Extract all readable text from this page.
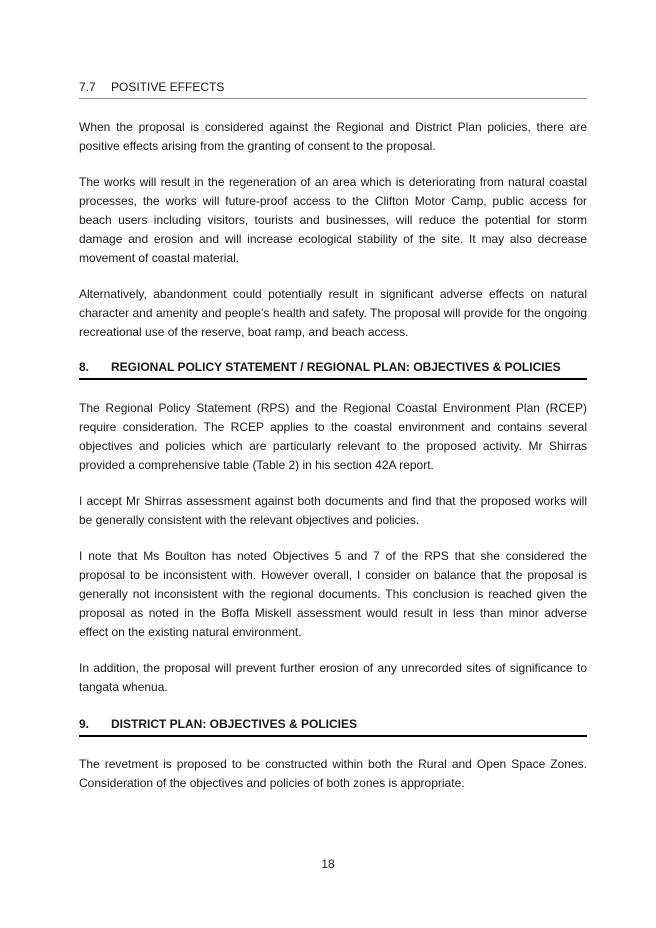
7.7 POSITIVE EFFECTS

When the proposal is considered against the Regional and District Plan policies, there are positive effects arising from the granting of consent to the proposal.

The works will result in the regeneration of an area which is deteriorating from natural coastal processes, the works will future-proof access to the Clifton Motor Camp, public access for beach users including visitors, tourists and businesses, will reduce the potential for storm damage and erosion and will increase ecological stability of the site. It may also decrease movement of coastal material.

Alternatively, abandonment could potentially result in significant adverse effects on natural character and amenity and people’s health and safety. The proposal will provide for the ongoing recreational use of the reserve, boat ramp, and beach access.

8. REGIONAL POLICY STATEMENT / REGIONAL PLAN: OBJECTIVES & POLICIES

The Regional Policy Statement (RPS) and the Regional Coastal Environment Plan (RCEP) require consideration. The RCEP applies to the coastal environment and contains several objectives and policies which are particularly relevant to the proposed activity. Mr Shirras provided a comprehensive table (Table 2) in his section 42A report.

I accept Mr Shirras assessment against both documents and find that the proposed works will be generally consistent with the relevant objectives and policies.

I note that Ms Boulton has noted Objectives 5 and 7 of the RPS that she considered the proposal to be inconsistent with. However overall, I consider on balance that the proposal is generally not inconsistent with the regional documents. This conclusion is reached given the proposal as noted in the Boffa Miskell assessment would result in less than minor adverse effect on the existing natural environment.

In addition, the proposal will prevent further erosion of any unrecorded sites of significance to tangata whenua.

9. DISTRICT PLAN: OBJECTIVES & POLICIES

The revetment is proposed to be constructed within both the Rural and Open Space Zones. Consideration of the objectives and policies of both zones is appropriate.

18
